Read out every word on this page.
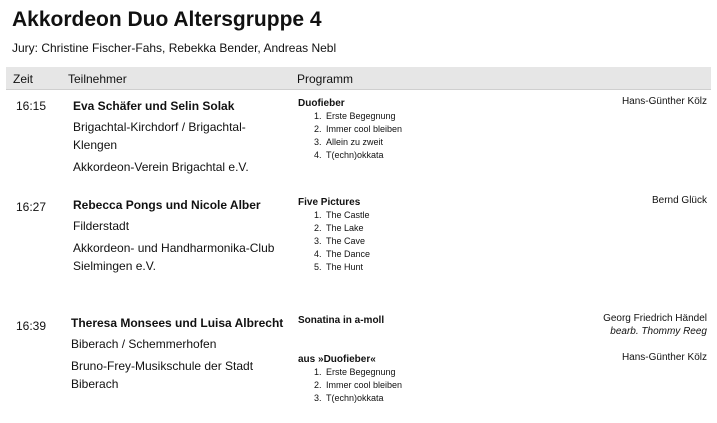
Akkordeon Duo Altersgruppe 4
Jury: Christine Fischer-Fahs, Rebekka Bender, Andreas Nebl
Zeit	Teilnehmer	Programm
16:15 Eva Schäfer und Selin Solak
Brigachtal-Kirchdorf / Brigachtal-Klengen
Akkordeon-Verein Brigachtal e.V.
Duofieber	Hans-Günther Kölz
1. Erste Begegnung
2. Immer cool bleiben
3. Allein zu zweit
4. T(echn)okkata
16:27 Rebecca Pongs und Nicole Alber
Filderstadt
Akkordeon- und Handharmonika-Club Sielmingen e.V.
Five Pictures	Bernd Glück
1. The Castle
2. The Lake
3. The Cave
4. The Dance
5. The Hunt
16:39 Theresa Monsees und Luisa Albrecht
Biberach / Schemmerhofen
Bruno-Frey-Musikschule der Stadt Biberach
Sonatina in a-moll	Georg Friedrich Händel
bearb. Thommy Reeg
aus »Duofieber«	Hans-Günther Kölz
1. Erste Begegnung
2. Immer cool bleiben
3. T(echn)okkata
